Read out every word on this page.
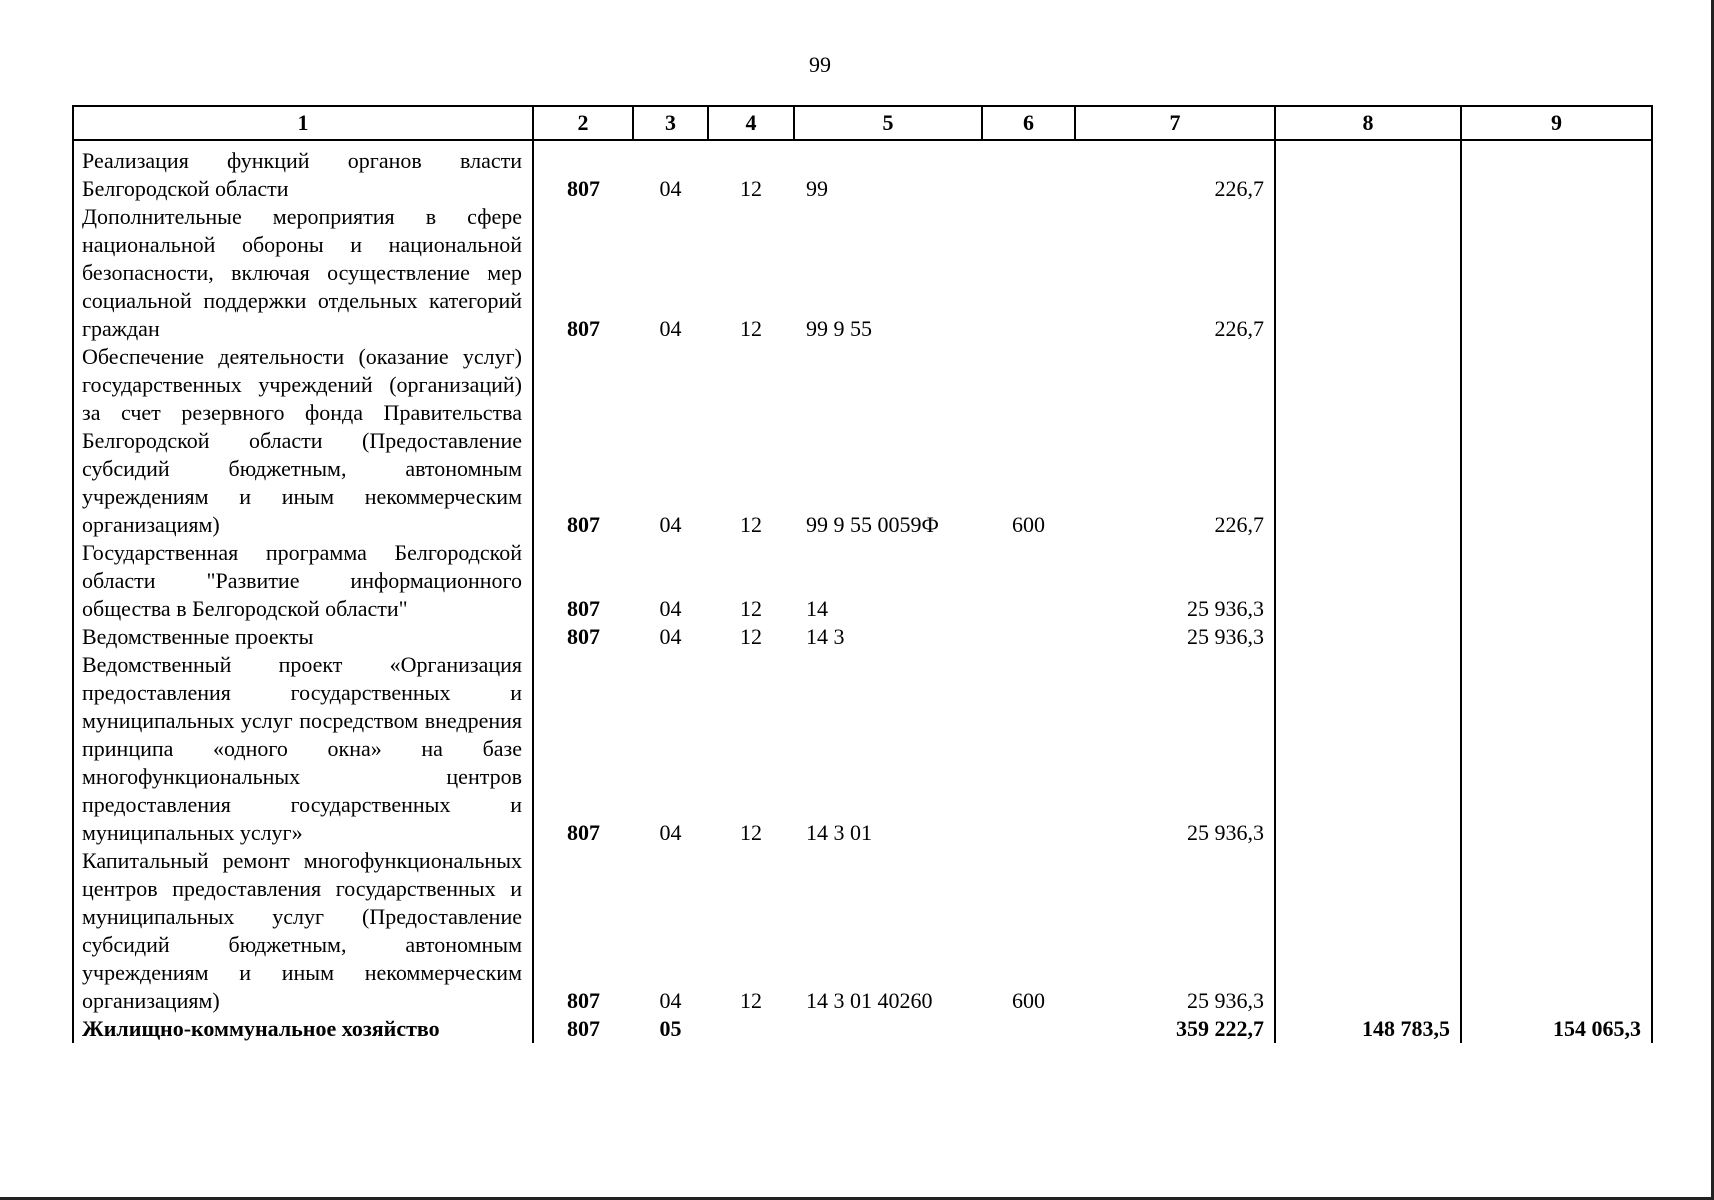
99
1	2	3	4	5	6	7	8	9
Реализация функций органов власти Белгородской области	807	04	12	99		226,7		
Дополнительные мероприятия в сфере национальной обороны и национальной безопасности, включая осуществление мер социальной поддержки отдельных категорий граждан	807	04	12	99 9 55		226,7		
Обеспечение деятельности (оказание услуг) государственных учреждений (организаций) за счет резервного фонда Правительства Белгородской области (Предоставление субсидий бюджетным, автономным учреждениям и иным некоммерческим организациям)	807	04	12	99 9 55 0059Ф	600	226,7		
Государственная программа Белгородской области "Развитие информационного общества в Белгородской области"	807	04	12	14		25 936,3		
Ведомственные проекты	807	04	12	14 3		25 936,3		
Ведомственный проект «Организация предоставления государственных и муниципальных услуг посредством внедрения принципа «одного окна» на базе многофункциональных центров предоставления государственных и муниципальных услуг»	807	04	12	14 3 01		25 936,3		
Капитальный ремонт многофункциональных центров предоставления государственных и муниципальных услуг (Предоставление субсидий бюджетным, автономным учреждениям и иным некоммерческим организациям)	807	04	12	14 3 01 40260	600	25 936,3		
Жилищно-коммунальное хозяйство	807	05				359 222,7	148 783,5	154 065,3
